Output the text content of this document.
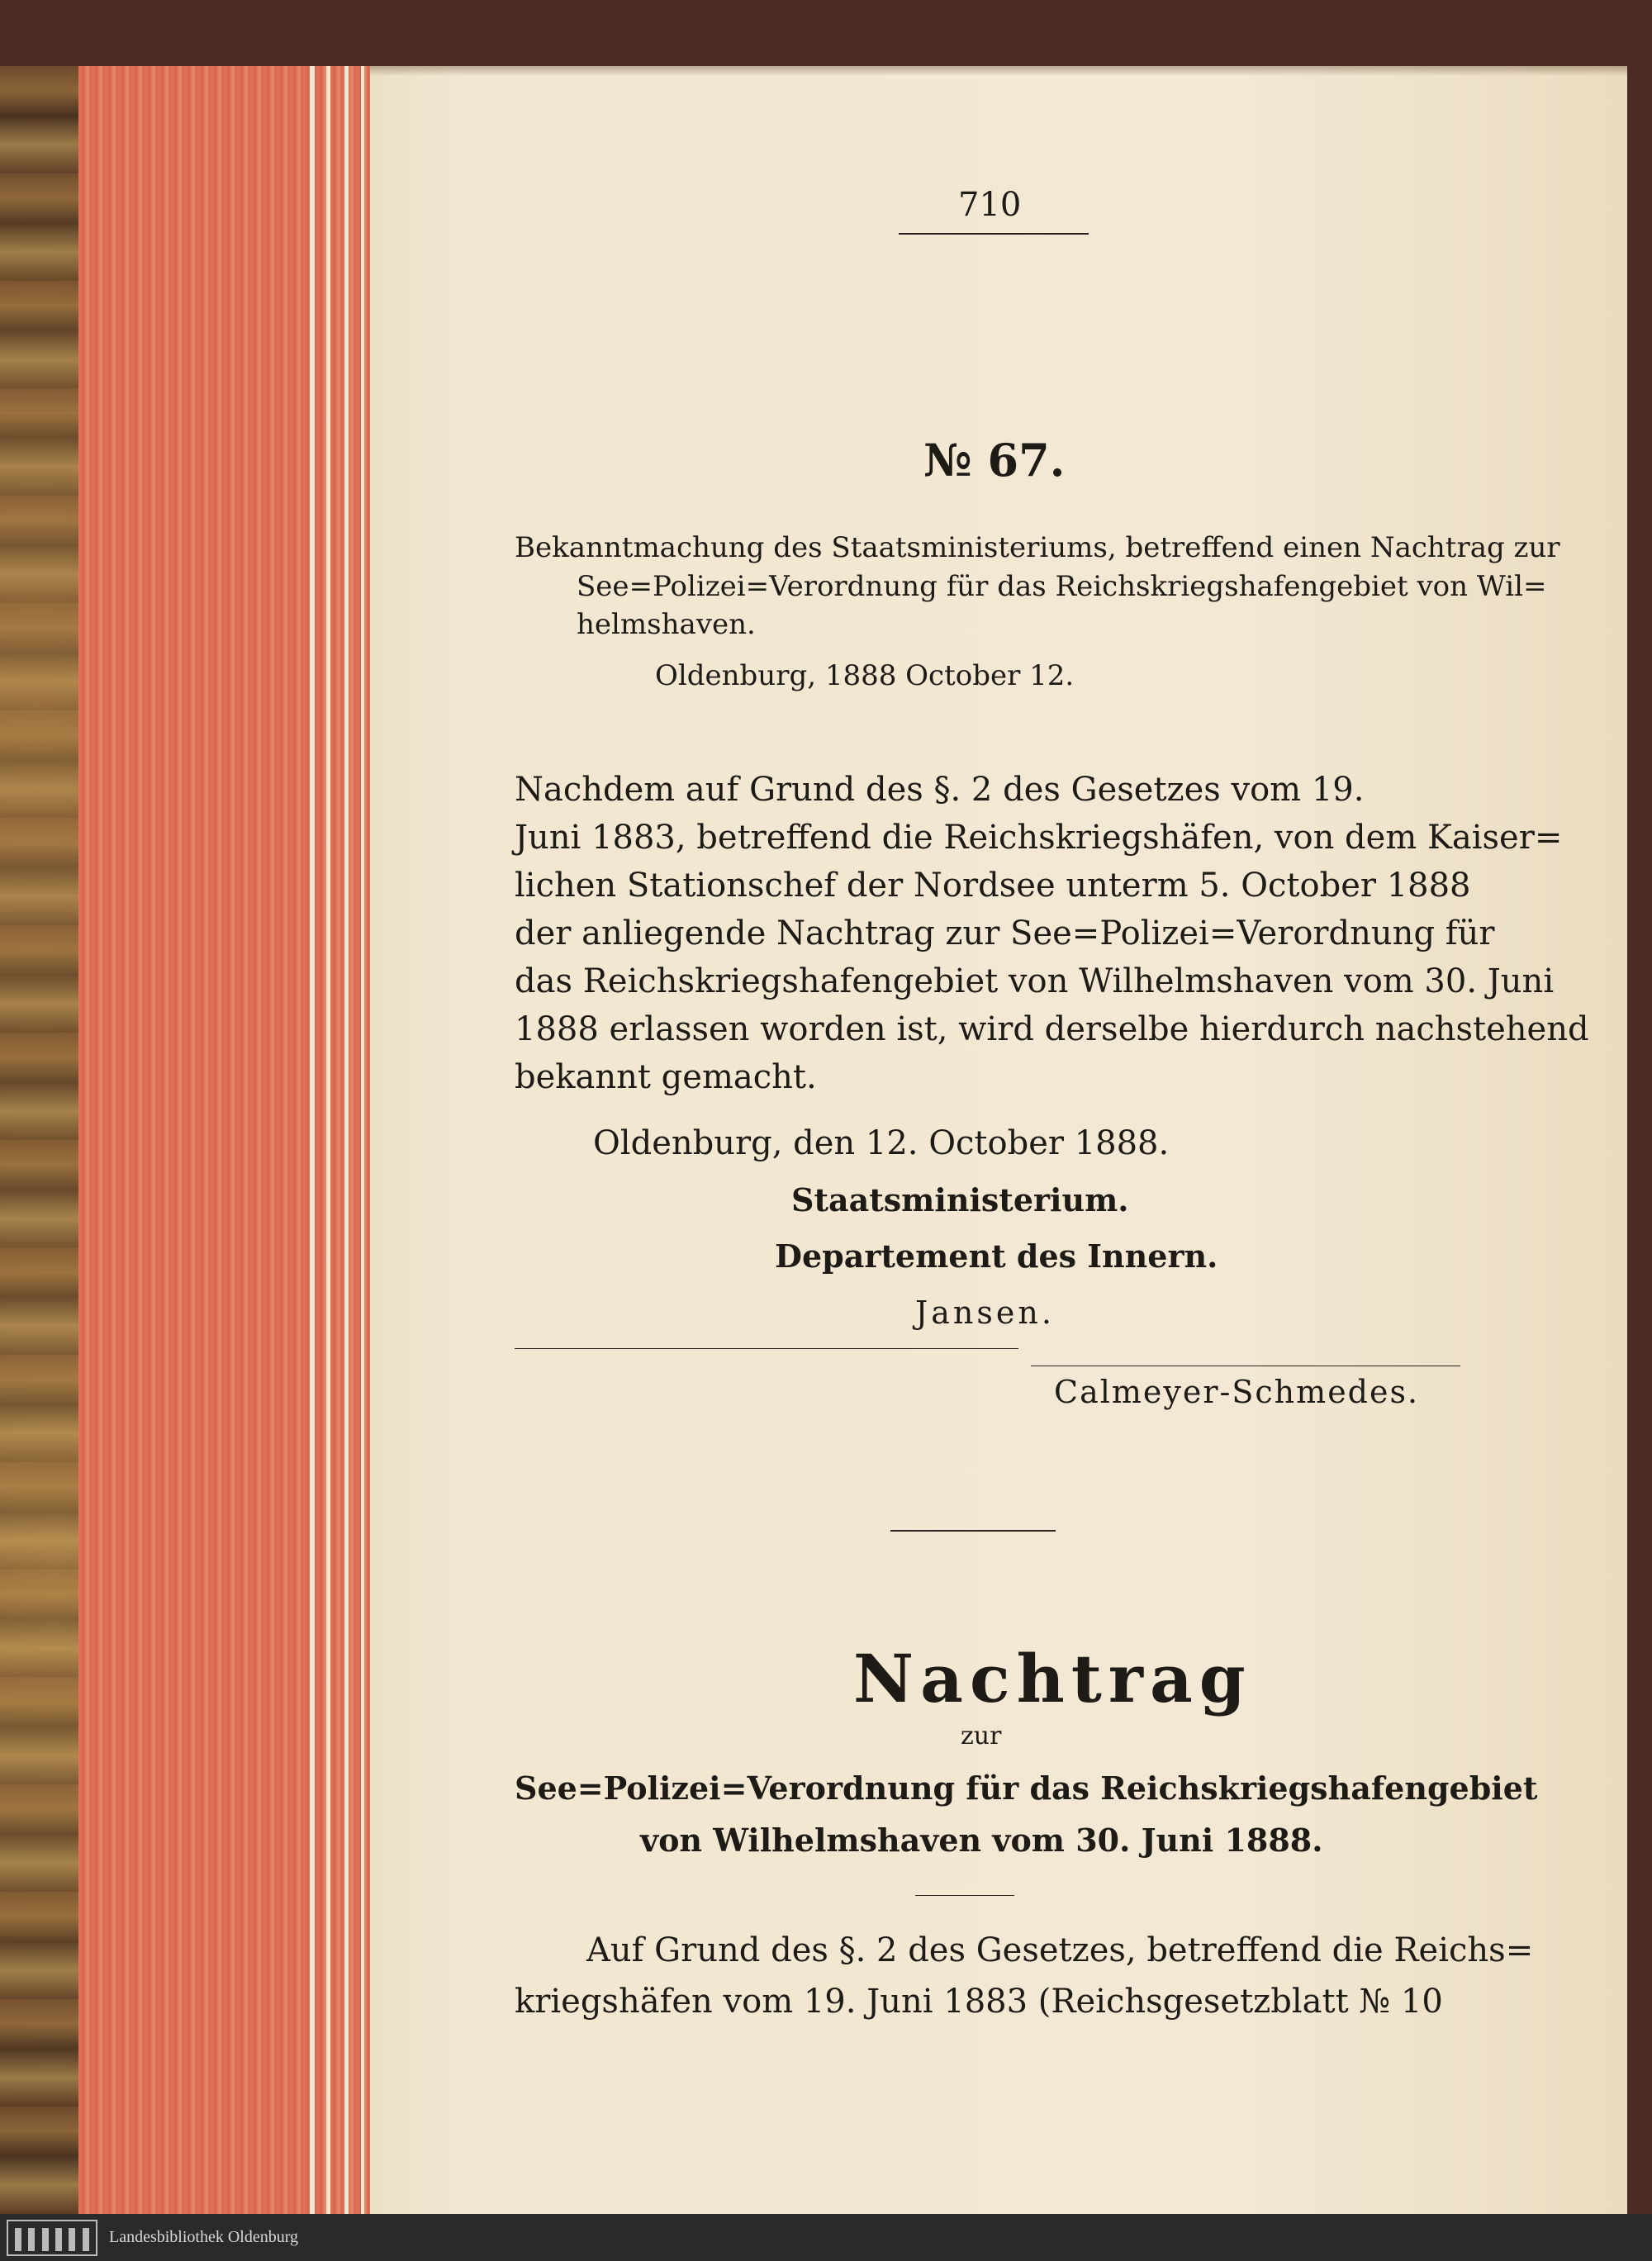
710
№ 67.
Bekanntmachung des Staatsministeriums, betreffend einen Nachtrag zur
See=Polizei=Verordnung für das Reichskriegshafengebiet von Wil=
helmshaven.
Oldenburg, 1888 October 12.
Nachdem auf Grund des §. 2 des Gesetzes vom 19.
Juni 1883, betreffend die Reichskriegshäfen, von dem Kaiser=
lichen Stationschef der Nordsee unterm 5. October 1888
der anliegende Nachtrag zur See=Polizei=Verordnung für
das Reichskriegshafengebiet von Wilhelmshaven vom 30. Juni
1888 erlassen worden ist, wird derselbe hierdurch nachstehend
bekannt gemacht.
Oldenburg, den 12. October 1888.
Staatsministerium.
Departement des Innern.
Jansen.
Calmeyer-Schmedes.
Nachtrag
zur
See=Polizei=Verordnung für das Reichskriegshafengebiet
von Wilhelmshaven vom 30. Juni 1888.
Auf Grund des §. 2 des Gesetzes, betreffend die Reichs=
kriegshäfen vom 19. Juni 1883 (Reichsgesetzblatt № 10
Landesbibliothek Oldenburg
